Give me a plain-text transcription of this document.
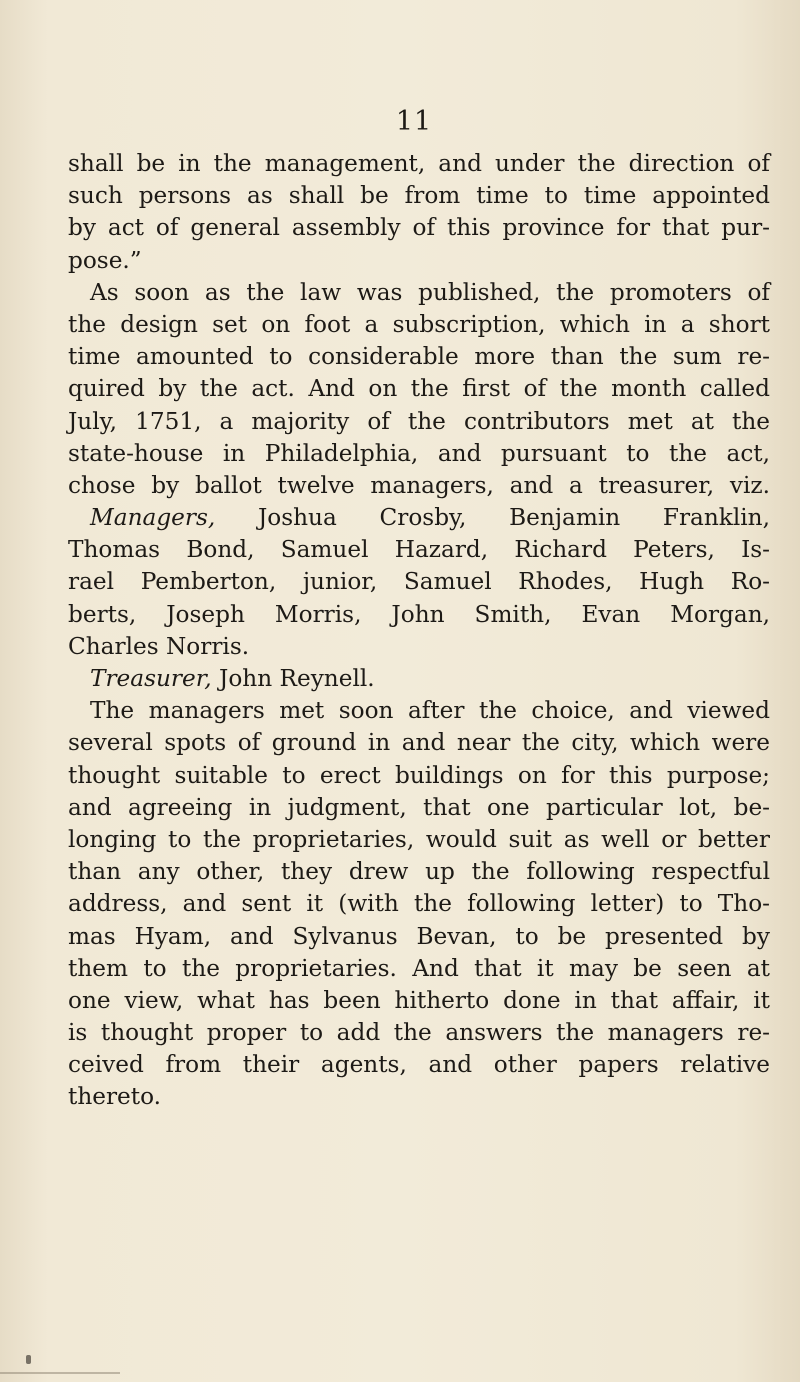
11

shall be in the management, and under the direction of
such persons as shall be from time to time appointed
by act of general assembly of this province for that pur-
pose.”
As soon as the law was published, the promoters of
the design set on foot a subscription, which in a short
time amounted to considerable more than the sum re-
quired by the act. And on the first of the month called
July, 1751, a majority of the contributors met at the
state-house in Philadelphia, and pursuant to the act,
chose by ballot twelve managers, and a treasurer, viz.
Managers, Joshua Crosby, Benjamin Franklin,
Thomas Bond, Samuel Hazard, Richard Peters, Is-
rael Pemberton, junior, Samuel Rhodes, Hugh Ro-
berts, Joseph Morris, John Smith, Evan Morgan,
Charles Norris.
Treasurer, John Reynell.
The managers met soon after the choice, and viewed
several spots of ground in and near the city, which were
thought suitable to erect buildings on for this purpose;
and agreeing in judgment, that one particular lot, be-
longing to the proprietaries, would suit as well or better
than any other, they drew up the following respectful
address, and sent it (with the following letter) to Tho-
mas Hyam, and Sylvanus Bevan, to be presented by
them to the proprietaries. And that it may be seen at
one view, what has been hitherto done in that affair, it
is thought proper to add the answers the managers re-
ceived from their agents, and other papers relative
thereto.
